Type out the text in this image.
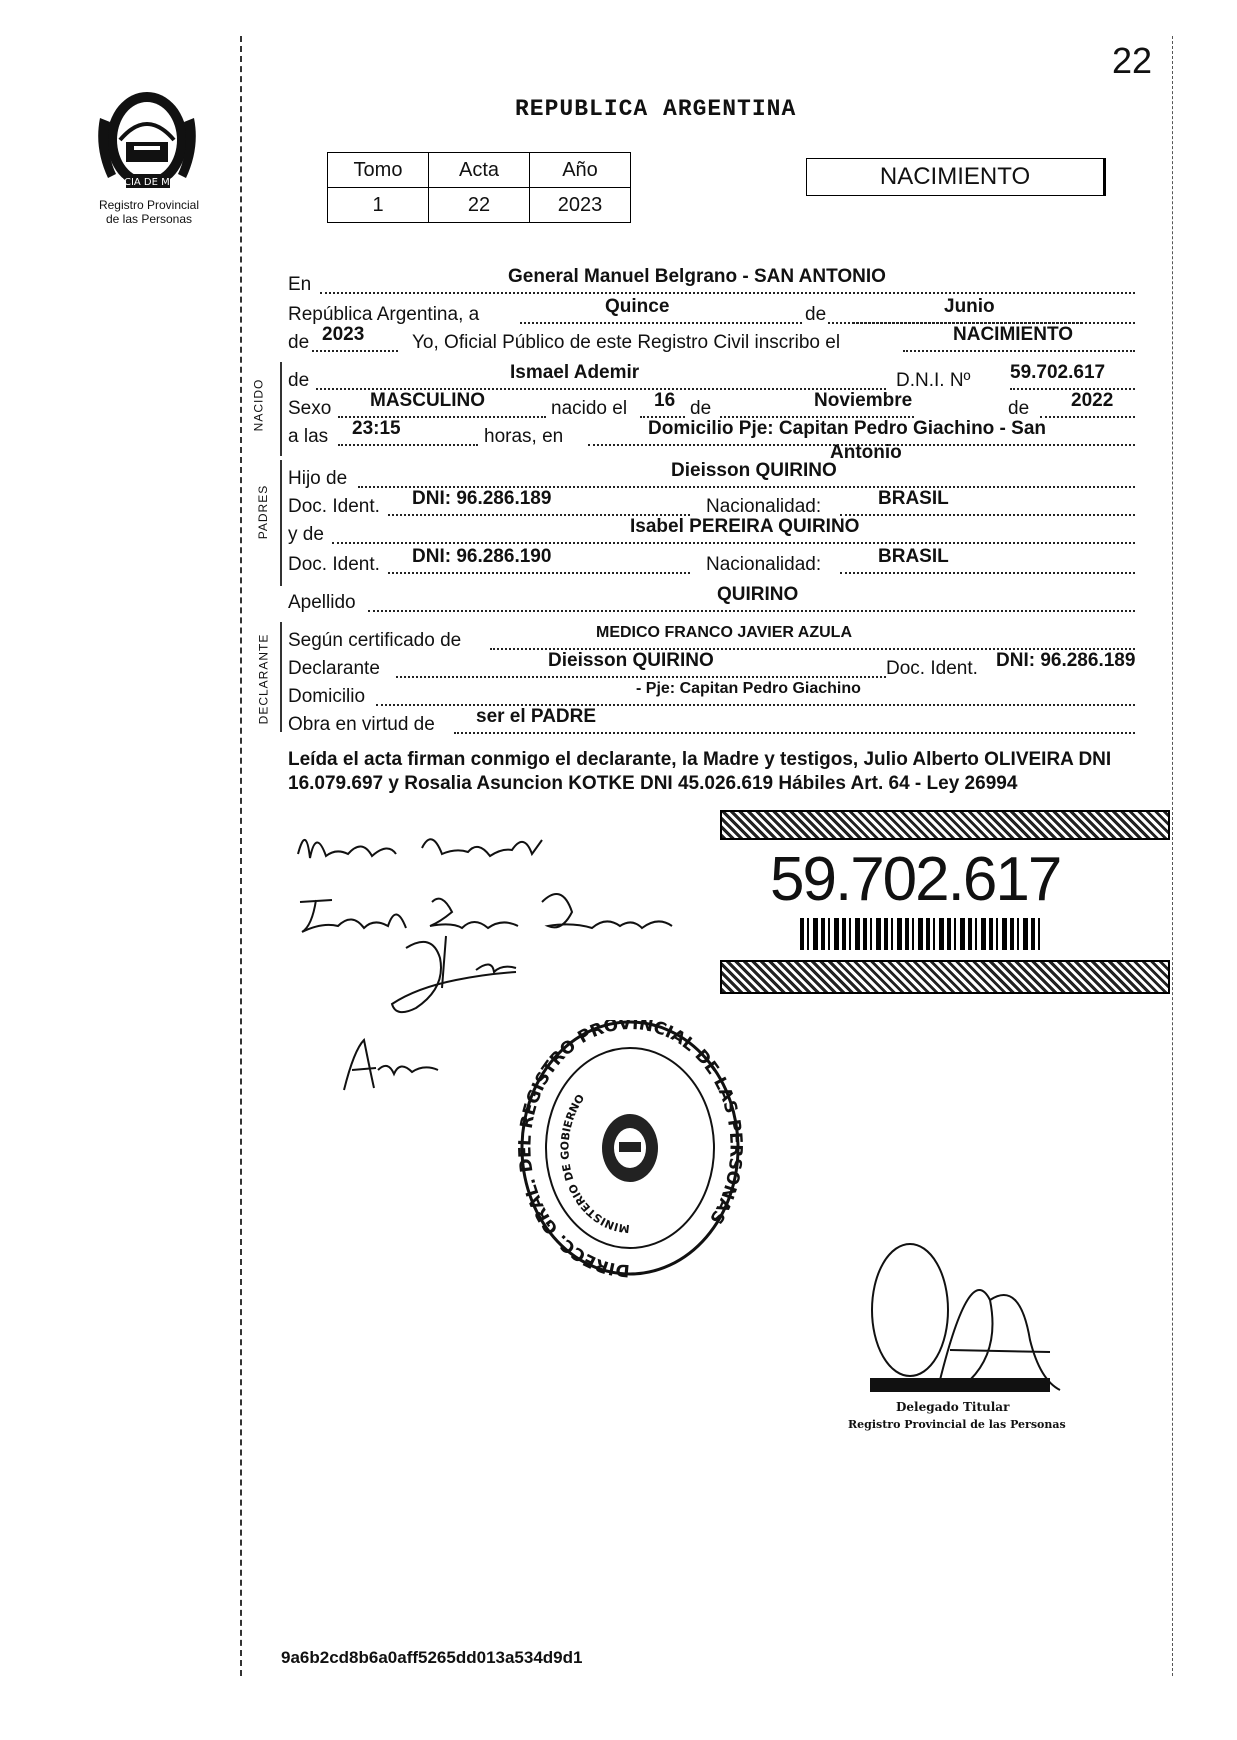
22
PROVINCIA DE MISIONES
Registro Provincial
de las Personas
REPUBLICA ARGENTINA
Tomo	Acta	Año
1	22	2023
NACIMIENTO
En	General Manuel Belgrano - SAN ANTONIO
República Argentina, a	Quince	de	Junio
de 2023	Yo, Oficial Público de este Registro Civil inscribo el	NACIMIENTO
NACIDO de	Ismael Ademir	D.N.I. Nº 59.702.617
Sexo MASCULINO	nacido el 16 de	Noviembre	de 2022
a las 23:15	horas, en	Domicilio Pje: Capitan Pedro Giachino - San
Antonio
PADRES
Hijo de	Dieisson QUIRINO
Doc. Ident. DNI: 96.286.189	Nacionalidad:	BRASIL
y de	Isabel PEREIRA QUIRINO
Doc. Ident. DNI: 96.286.190	Nacionalidad:	BRASIL
Apellido	QUIRINO
DECLARANTE Según certificado de	MEDICO FRANCO JAVIER AZULA
Declarante	Dieisson QUIRINO	Doc. Ident. DNI: 96.286.189
Domicilio	- Pje: Capitan Pedro Giachino
Obra en virtud de ser el PADRE
Leída el acta firman conmigo el declarante, la Madre y testigos, Julio Alberto OLIVEIRA DNI 16.079.697 y Rosalia Asuncion KOTKE DNI 45.026.619 Hábiles Art. 64 - Ley 26994
59.702.617
DIRECC. GRAL. DEL REGISTRO PROVINCIAL DE LAS PERSONAS
MINISTERIO DE GOBIERNO
Delegado Titular
Registro Provincial de las Personas
9a6b2cd8b6a0aff5265dd013a534d9d1
